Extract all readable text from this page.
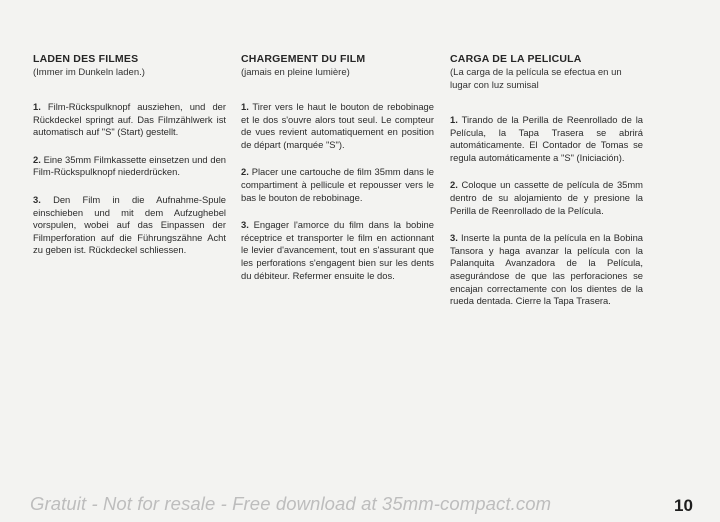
LADEN DES FILMES

(Immer im Dunkeln laden.)

1. Film-Rückspulknopf ausziehen, und der Rückdeckel springt auf. Das Filmzählwerk ist automatisch auf "S" (Start) gestellt.

2. Eine 35mm Filmkassette einsetzen und den Film-Rückspulknopf niederdrücken.

3. Den Film in die Aufnahme-Spule einschieben und mit dem Aufzughebel vorspulen, wobei auf das Einpassen der Filmperforation auf die Führungszähne Acht zu geben ist. Rückdeckel schliessen.

CHARGEMENT DU FILM

(jamais en pleine lumière)

1. Tirer vers le haut le bouton de rebobinage et le dos s'ouvre alors tout seul. Le compteur de vues revient automatiquement en position de départ (marquée "S").

2. Placer une cartouche de film 35mm dans le compartiment à pellicule et repousser vers le bas le bouton de rebobinage.

3. Engager l'amorce du film dans la bobine réceptrice et transporter le film en actionnant le levier d'avancement, tout en s'assurant que les perforations s'engagent bien sur les dents du débiteur. Refermer ensuite le dos.

CARGA DE LA PELICULA

(La carga de la película se efectua en un lugar con luz sumisal

1. Tirando de la Perilla de Reenrollado de la Película, la Tapa Trasera se abrirá automáticamente. El Contador de Tomas se regula automáticamente a "S" (Iniciación).

2. Coloque un cassette de película de 35mm dentro de su alojamiento de y presione la Perilla de Reenrollado de la Película.

3. Inserte la punta de la película en la Bobina Tansora y haga avanzar la película con la Palanquita Avanzadora de la Película, asegurándose de que las perforaciones se encajan correctamente con los dientes de la rueda dentada. Cierre la Tapa Trasera.

Gratuit - Not for resale - Free download at 35mm-compact.com	10
